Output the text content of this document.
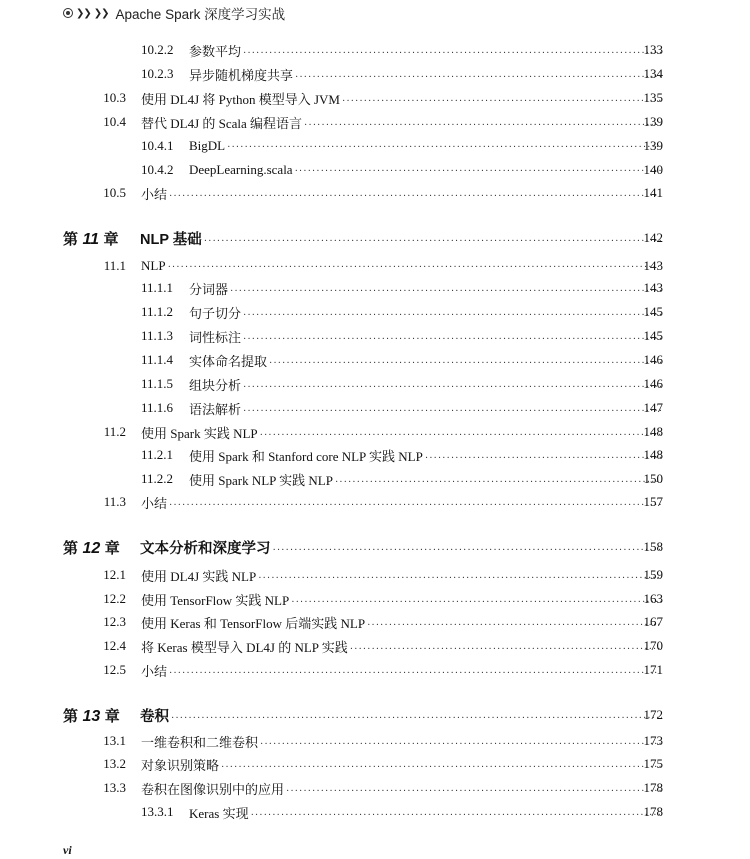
❯❯ ❯❯ Apache Spark 深度学习实战
10.2.2 参数平均 ·····	133
10.2.3 异步随机梯度共享 ·····	134
10.3 使用 DL4J 将 Python 模型导入 JVM ·····	135
10.4 替代 DL4J 的 Scala 编程语言 ·····	139
10.4.1 BigDL ·····	139
10.4.2 DeepLearning.scala ·····	140
10.5 小结 ·····	141
第 11 章 NLP 基础 ·····	142
11.1 NLP ·····	143
11.1.1 分词器 ·····	143
11.1.2 句子切分 ·····	145
11.1.3 词性标注 ·····	145
11.1.4 实体命名提取 ·····	146
11.1.5 组块分析 ·····	146
11.1.6 语法解析 ·····	147
11.2 使用 Spark 实践 NLP ·····	148
11.2.1 使用 Spark 和 Stanford core NLP 实践 NLP ·····	148
11.2.2 使用 Spark NLP 实践 NLP ·····	150
11.3 小结 ·····	157
第 12 章 文本分析和深度学习 ·····	158
12.1 使用 DL4J 实践 NLP ·····	159
12.2 使用 TensorFlow 实践 NLP ·····	163
12.3 使用 Keras 和 TensorFlow 后端实践 NLP ·····	167
12.4 将 Keras 模型导入 DL4J 的 NLP 实践 ·····	170
12.5 小结 ·····	171
第 13 章 卷积 ·····	172
13.1 一维卷积和二维卷积 ·····	173
13.2 对象识别策略 ·····	175
13.3 卷积在图像识别中的应用 ·····	178
13.3.1 Keras 实现 ·····	178
vi
